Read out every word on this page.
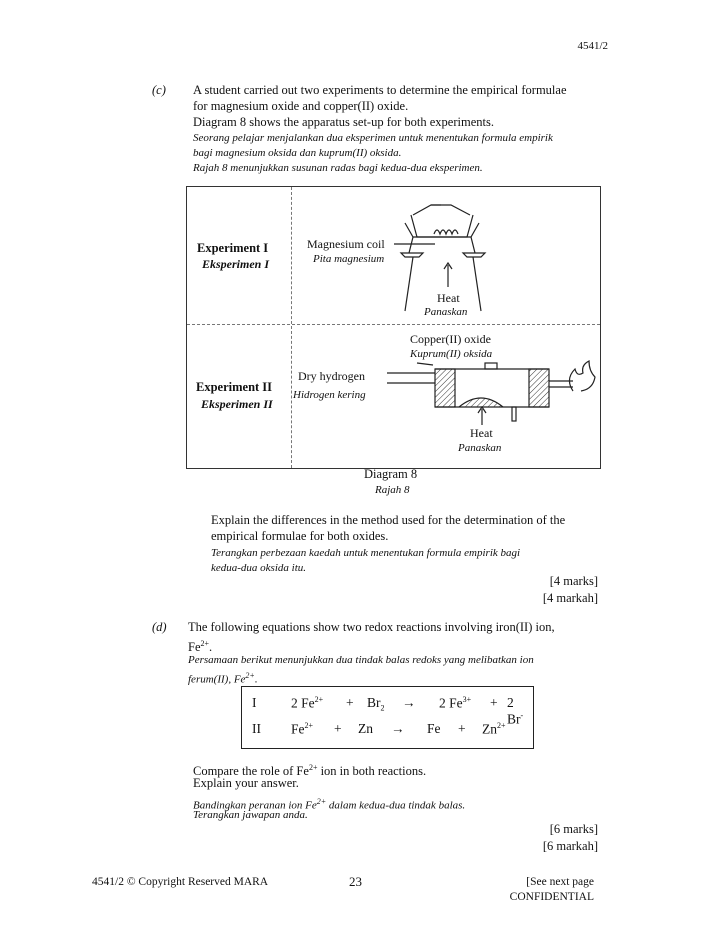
4541/2
(c) A student carried out two experiments to determine the empirical formulae
for magnesium oxide and copper(II) oxide.
Diagram 8 shows the apparatus set-up for both experiments.
Seorang pelajar menjalankan dua eksperimen untuk menentukan formula empirik
bagi magnesium oksida dan kuprum(II) oksida.
Rajah 8 menunjukkan susunan radas bagi kedua-dua eksperimen.
Experiment I
Eksperimen I
Magnesium coil
Pita magnesium
Heat
Panaskan
Experiment II
Eksperimen II
Copper(II) oxide
Kuprum(II) oksida
Dry hydrogen
Hidrogen kering
Heat
Panaskan
Diagram 8
Rajah 8
Explain the differences in the method used for the determination of the
empirical formulae for both oxides.
Terangkan perbezaan kaedah untuk menentukan formula empirik bagi
kedua-dua oksida itu.
[4 marks]
[4 markah]
(d) The following equations show two redox reactions involving iron(II) ion,
$Fe^{2+}$.
Persamaan berikut menunjukkan dua tindak balas redoks yang melibatkan ion
ferum(II), $Fe^{2+}$.
I	2 $Fe^{2+} + Br_2 \to 2$ $Fe^{3+} + 2$ Br-
II $Fe^{2+} + Zn \to Fe + Zn^{2+}$
Compare the role of $Fe^{2+}$ ion in both reactions.
Explain your answer.
Bandingkan peranan ion $Fe^{2+}$ dalam kedua-dua tindak balas.
Terangkan jawapan anda.
[6 marks]
[6 markah]
4541/2 © Copyright Reserved MARA	23	[See next page
CONFIDENTIAL
